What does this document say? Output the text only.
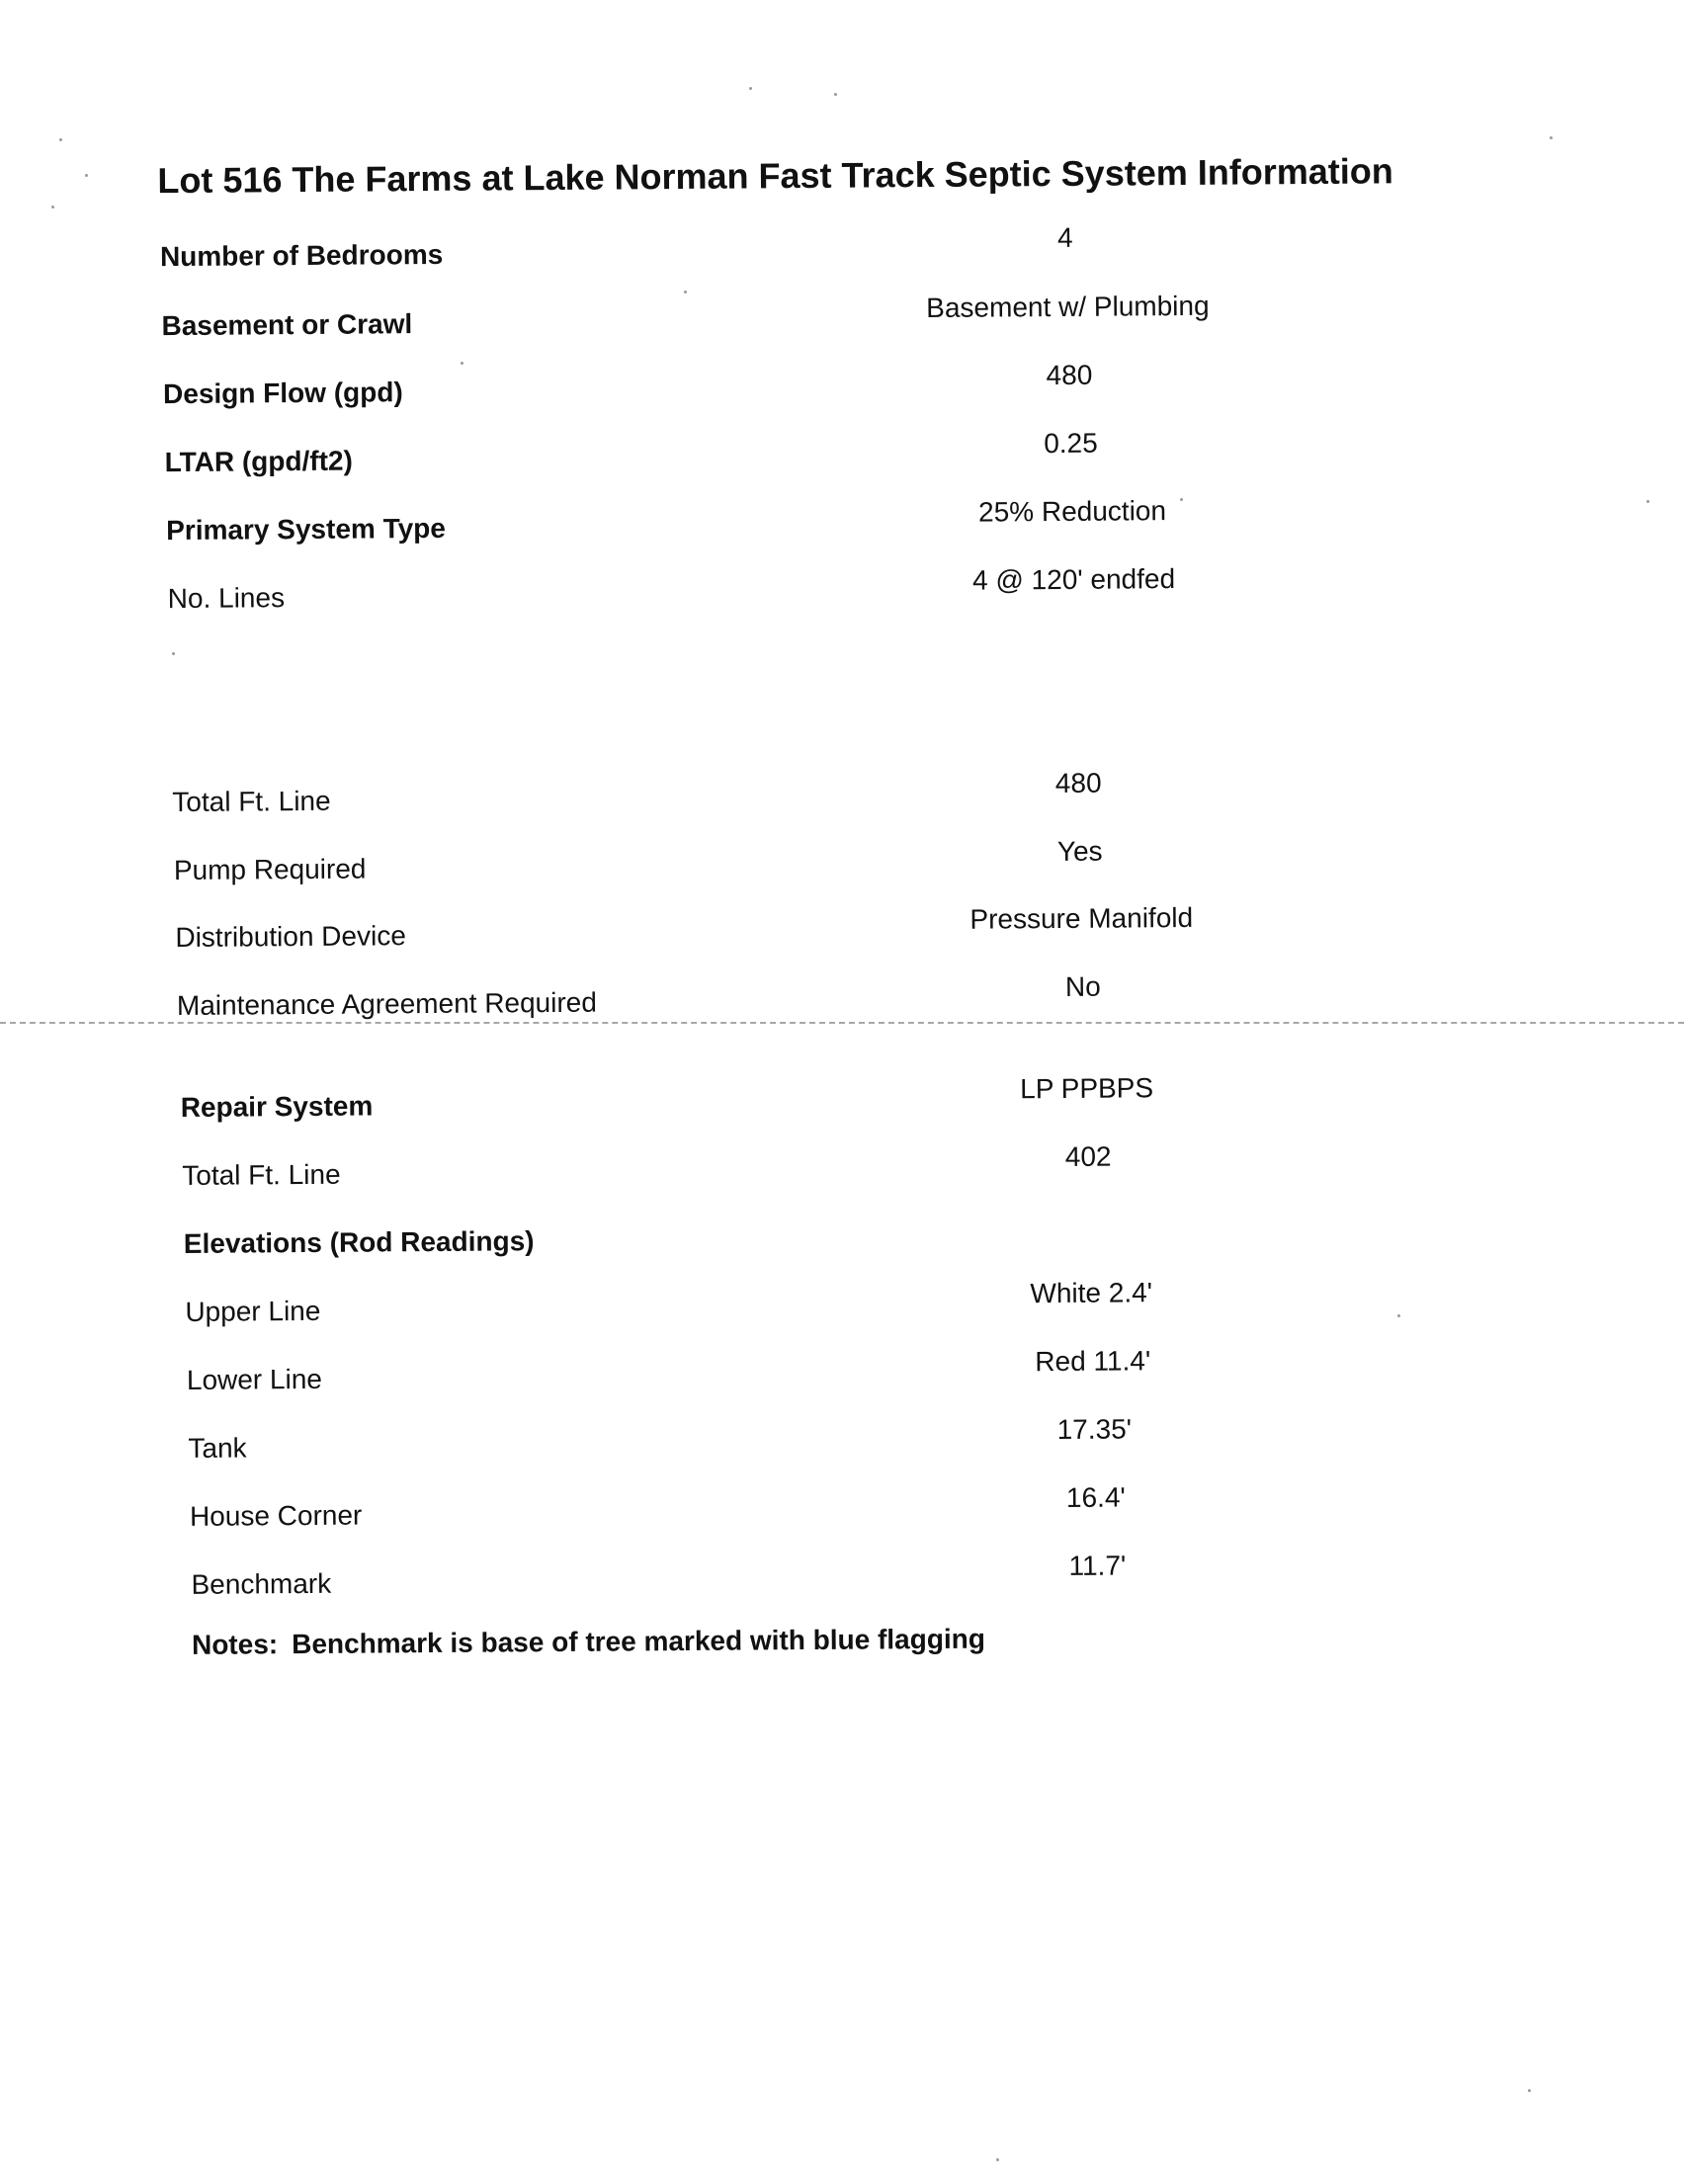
Lot 516 The Farms at Lake Norman Fast Track Septic System Information
Number of Bedrooms
4
Basement or Crawl
Basement w/ Plumbing
Design Flow (gpd)
480
LTAR (gpd/ft2)
0.25
Primary System Type
25% Reduction
No. Lines
4 @ 120' endfed
Total Ft. Line
480
Pump Required
Yes
Distribution Device
Pressure Manifold
Maintenance Agreement Required
No
Repair System
LP PPBPS
Total Ft. Line
402
Elevations (Rod Readings)
Upper Line
White 2.4'
Lower Line
Red 11.4'
Tank
17.35'
House Corner
16.4'
Benchmark
11.7'
Notes: Benchmark is base of tree marked with blue flagging
